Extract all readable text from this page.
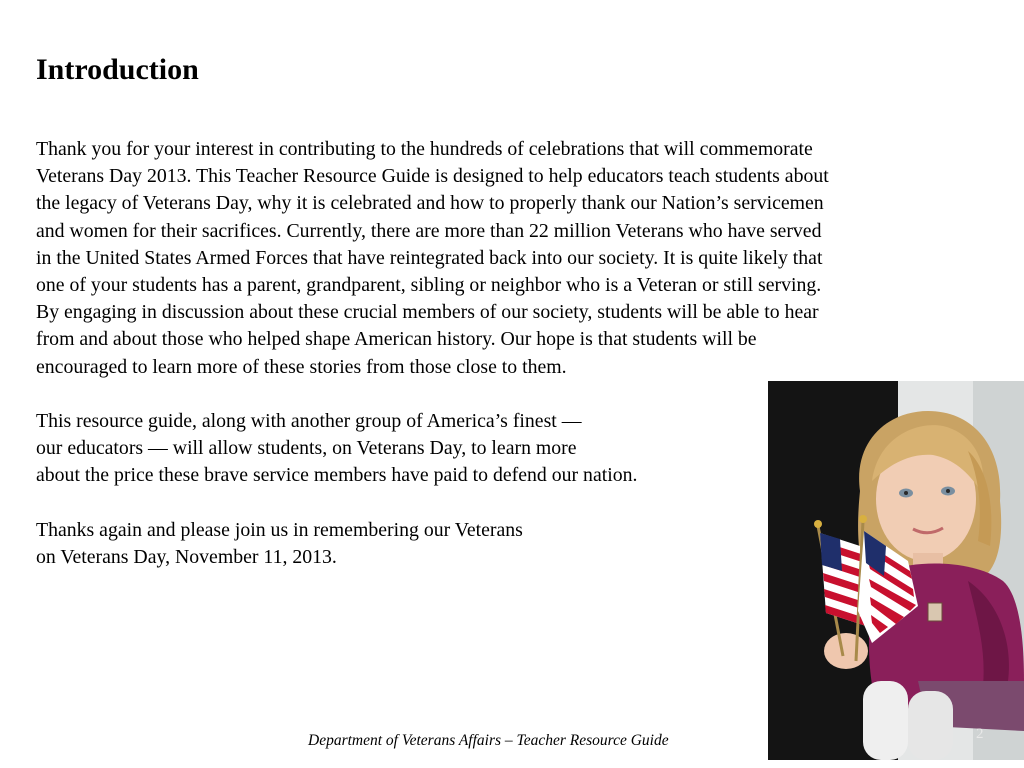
Introduction
Thank you for your interest in contributing to the hundreds of celebrations that will commemorate
Veterans Day 2013. This Teacher Resource Guide is designed to help educators teach students about
the legacy of Veterans Day, why it is celebrated and how to properly thank our Nation’s servicemen
and women for their sacrifices. Currently, there are more than 22 million Veterans who have served
in the United States Armed Forces that have reintegrated back into our society. It is quite likely that
one of your students has a parent, grandparent, sibling or neighbor who is a Veteran or still serving.
By engaging in discussion about these crucial members of our society, students will be able to hear
from and about those who helped shape American history. Our hope is that students will be
encouraged to learn more of these stories from those close to them.
This resource guide, along with another group of America’s finest —
our educators — will allow students, on Veterans Day, to learn more
about the price these brave service members have paid to defend our nation.
Thanks again and please join us in remembering our Veterans
on Veterans Day, November 11, 2013.
Department of Veterans Affairs – Teacher Resource Guide	2
